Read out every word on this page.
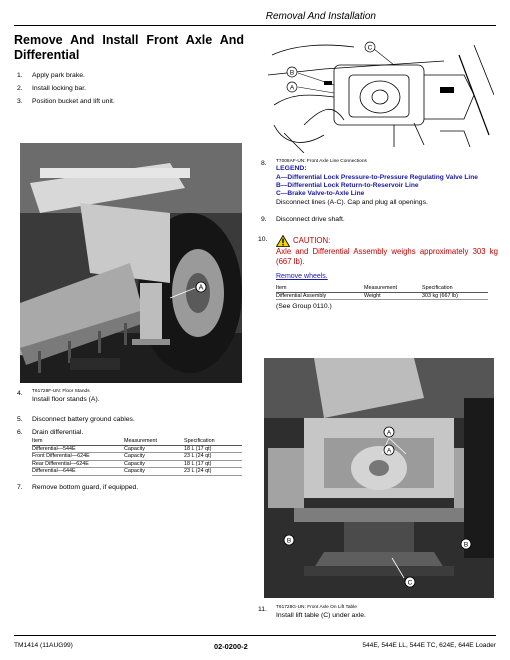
Removal And Installation
Remove And Install Front Axle And Differential
1. Apply park brake.
2. Install locking bar.
3. Position bucket and lift unit.
A
4. T61728F-UN: Floor Stands
Install floor stands (A).
5. Disconnect battery ground cables.
6. Drain differential.
Item	Measurement	Specification
Differential—544E	Capacity	18 L (17 qt)
Front Differential—624E	Capacity	23 L (24 qt)
Rear Differential—624E	Capacity	18 L (17 qt)
Differential—644E	Capacity	23 L (24 qt)
7. Remove bottom guard, if equipped.
C
B
A
8. T7008AF-UN: Front Axle Line Connections
LEGEND:
A—Differential Lock Pressure-to-Pressure Regulating Valve Line
B—Differential Lock Return-to-Reservoir Line
C—Brake Valve-to-Axle Line
Disconnect lines (A-C). Cap and plug all openings.
9. Disconnect drive shaft.
10.	CAUTION:
Axle and Differential Assembly weighs approximately 303 kg (667 lb).
Remove wheels.
Item	Measurement	Specification
Differential Assembly	Weight	303 kg (667 lb)
(See Group 0110.)
A
A
B
B
C
11. T61728G-UN: Front Axle On Lift Table
Install lift table (C) under axle.
TM1414 (11AUG99)	02-0200-2	544E, 544E LL, 544E TC, 624E, 644E Loader
